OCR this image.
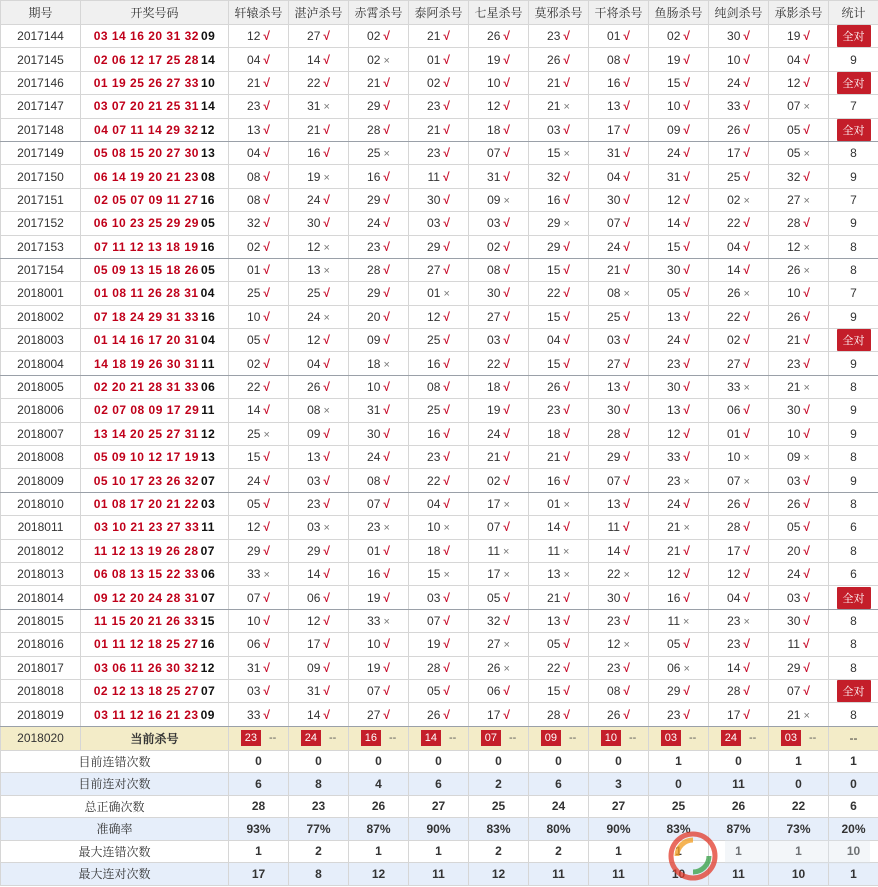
期号	开奖号码	轩辕杀号	湛泸杀号	赤霄杀号	泰阿杀号	七星杀号	莫邪杀号	干将杀号	鱼肠杀号	纯剑杀号	承影杀号	统计
2017144	03 14 16 20 31 32 09	12 √	27 √	02 √	21 √	26 √	23 √	01 √	02 √	30 √	19 √	全对
2017145	02 06 12 17 25 28 14	04 √	14 √	02 ×	01 √	19 √	26 √	08 √	19 √	10 √	04 √	9
2017146	01 19 25 26 27 33 10	21 √	22 √	21 √	02 √	10 √	21 √	16 √	15 √	24 √	12 √	全对
2017147	03 07 20 21 25 31 14	23 √	31 ×	29 √	23 √	12 √	21 ×	13 √	10 √	33 √	07 ×	7
2017148	04 07 11 14 29 32 12	13 √	21 √	28 √	21 √	18 √	03 √	17 √	09 √	26 √	05 √	全对
2017149	05 08 15 20 27 30 13	04 √	16 √	25 ×	23 √	07 √	15 ×	31 √	24 √	17 √	05 ×	8
2017150	06 14 19 20 21 23 08	08 √	19 ×	16 √	11 √	31 √	32 √	04 √	31 √	25 √	32 √	9
2017151	02 05 07 09 11 27 16	08 √	24 √	29 √	30 √	09 ×	16 √	30 √	12 √	02 ×	27 ×	7
2017152	06 10 23 25 29 29 05	32 √	30 √	24 √	03 √	03 √	29 ×	07 √	14 √	22 √	28 √	9
2017153	07 11 12 13 18 19 16	02 √	12 ×	23 √	29 √	02 √	29 √	24 √	15 √	04 √	12 ×	8
2017154	05 09 13 15 18 26 05	01 √	13 ×	28 √	27 √	08 √	15 √	21 √	30 √	14 √	26 ×	8
2018001	01 08 11 26 28 31 04	25 √	25 √	29 √	01 ×	30 √	22 √	08 ×	05 √	26 ×	10 √	7
2018002	07 18 24 29 31 33 16	10 √	24 ×	20 √	12 √	27 √	15 √	25 √	13 √	22 √	26 √	9
2018003	01 14 16 17 20 31 04	05 √	12 √	09 √	25 √	03 √	04 √	03 √	24 √	02 √	21 √	全对
2018004	14 18 19 26 30 31 11	02 √	04 √	18 ×	16 √	22 √	15 √	27 √	23 √	27 √	23 √	9
2018005	02 20 21 28 31 33 06	22 √	26 √	10 √	08 √	18 √	26 √	13 √	30 √	33 ×	21 ×	8
2018006	02 07 08 09 17 29 11	14 √	08 ×	31 √	25 √	19 √	23 √	30 √	13 √	06 √	30 √	9
2018007	13 14 20 25 27 31 12	25 ×	09 √	30 √	16 √	24 √	18 √	28 √	12 √	01 √	10 √	9
2018008	05 09 10 12 17 19 13	15 √	13 √	24 √	23 √	21 √	21 √	29 √	33 √	10 ×	09 ×	8
2018009	05 10 17 23 26 32 07	24 √	03 √	08 √	22 √	02 √	16 √	07 √	23 ×	07 ×	03 √	9
2018010	01 08 17 20 21 22 03	05 √	23 √	07 √	04 √	17 ×	01 ×	13 √	24 √	26 √	26 √	8
2018011	03 10 21 23 27 33 11	12 √	03 ×	23 ×	10 ×	07 √	14 √	11 √	21 ×	28 √	05 √	6
2018012	11 12 13 19 26 28 07	29 √	29 √	01 √	18 √	11 ×	11 ×	14 √	21 √	17 √	20 √	8
2018013	06 08 13 15 22 33 06	33 ×	14 √	16 √	15 ×	17 ×	13 ×	22 ×	12 √	12 √	24 √	6
2018014	09 12 20 24 28 31 07	07 √	06 √	19 √	03 √	05 √	21 √	30 √	16 √	04 √	03 √	全对
2018015	11 15 20 21 26 33 15	10 √	12 √	33 ×	07 √	32 √	13 √	23 √	11 ×	23 ×	30 √	8
2018016	01 11 12 18 25 27 16	06 √	17 √	10 √	19 √	27 ×	05 √	12 ×	05 √	23 √	11 √	8
2018017	03 06 11 26 30 32 12	31 √	09 √	19 √	28 √	26 ×	22 √	23 √	06 ×	14 √	29 √	8
2018018	02 12 13 18 25 27 07	03 √	31 √	07 √	05 √	06 √	15 √	08 √	29 √	28 √	07 √	全对
2018019	03 11 12 16 21 23 09	33 √	14 √	27 √	26 √	17 √	28 √	26 √	23 √	17 √	21 ×	8
2018020	当前杀号	23 --	24 --	16 --	14 --	07 --	09 --	10 --	03 --	24 --	03 --	--
目前连错次数		0	0	0	0	0	0	0	1	0	1	1
目前连对次数		6	8	4	6	2	6	3	0	11	0	0
总正确次数		28	23	26	27	25	24	27	25	26	22	6
准确率		93%	77%	87%	90%	83%	80%	90%	83%	87%	73%	20%
最大连错次数		1	2	1	1	2	2	1	1	1	1	10
最大连对次数		17	8	12	11	12	11	11	10	11	10	1
